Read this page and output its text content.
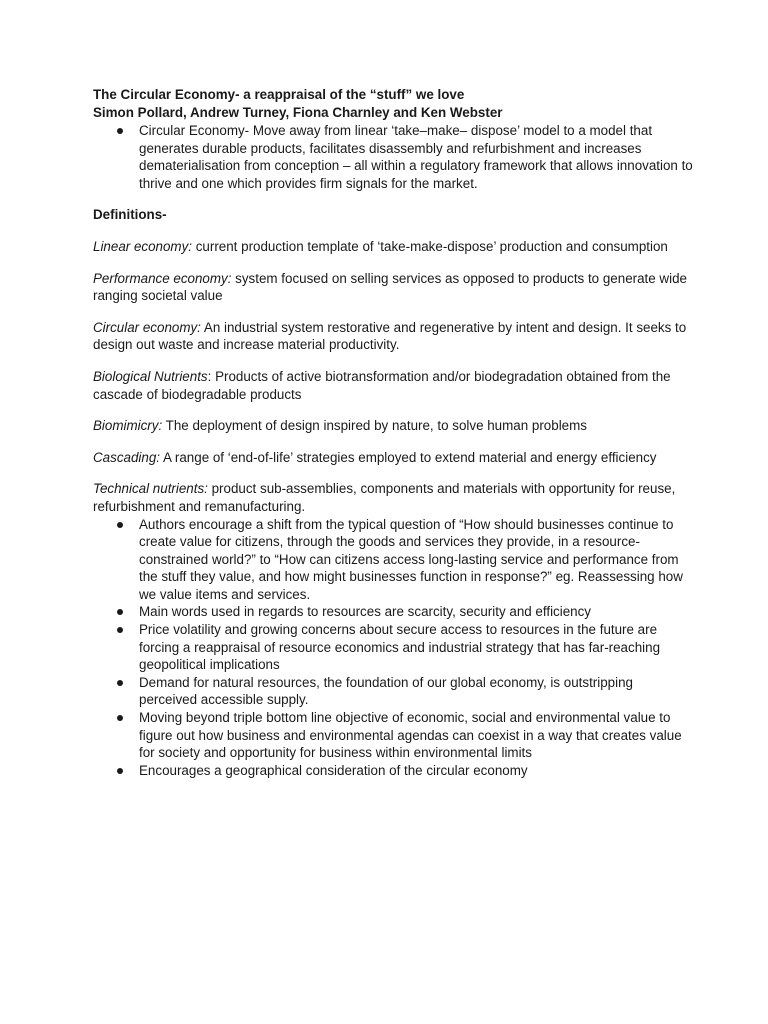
The Circular Economy- a reappraisal of the “stuff” we love
Simon Pollard, Andrew Turney, Fiona Charnley and Ken Webster
Circular Economy- Move away from linear ‘take–make– dispose’ model to a model that generates durable products, facilitates disassembly and refurbishment and increases dematerialisation from conception – all within a regulatory framework that allows innovation to thrive and one which provides firm signals for the market.
Definitions-
Linear economy: current production template of ‘take-make-dispose’ production and consumption
Performance economy: system focused on selling services as opposed to products to generate wide ranging societal value
Circular economy: An industrial system restorative and regenerative by intent and design. It seeks to design out waste and increase material productivity.
Biological Nutrients: Products of active biotransformation and/or biodegradation obtained from the cascade of biodegradable products
Biomimicry: The deployment of design inspired by nature, to solve human problems
Cascading: A range of ‘end-of-life’ strategies employed to extend material and energy efficiency
Technical nutrients: product sub-assemblies, components and materials with opportunity for reuse, refurbishment and remanufacturing.
Authors encourage a shift from the typical question of “How should businesses continue to create value for citizens, through the goods and services they provide, in a resource-constrained world?” to “How can citizens access long-lasting service and performance from the stuff they value, and how might businesses function in response?” eg. Reassessing how we value items and services.
Main words used in regards to resources are scarcity, security and efficiency
Price volatility and growing concerns about secure access to resources in the future are forcing a reappraisal of resource economics and industrial strategy that has far-reaching geopolitical implications
Demand for natural resources, the foundation of our global economy, is outstripping perceived accessible supply.
Moving beyond triple bottom line objective of economic, social and environmental value to figure out how business and environmental agendas can coexist in a way that creates value for society and opportunity for business within environmental limits
Encourages a geographical consideration of the circular economy
